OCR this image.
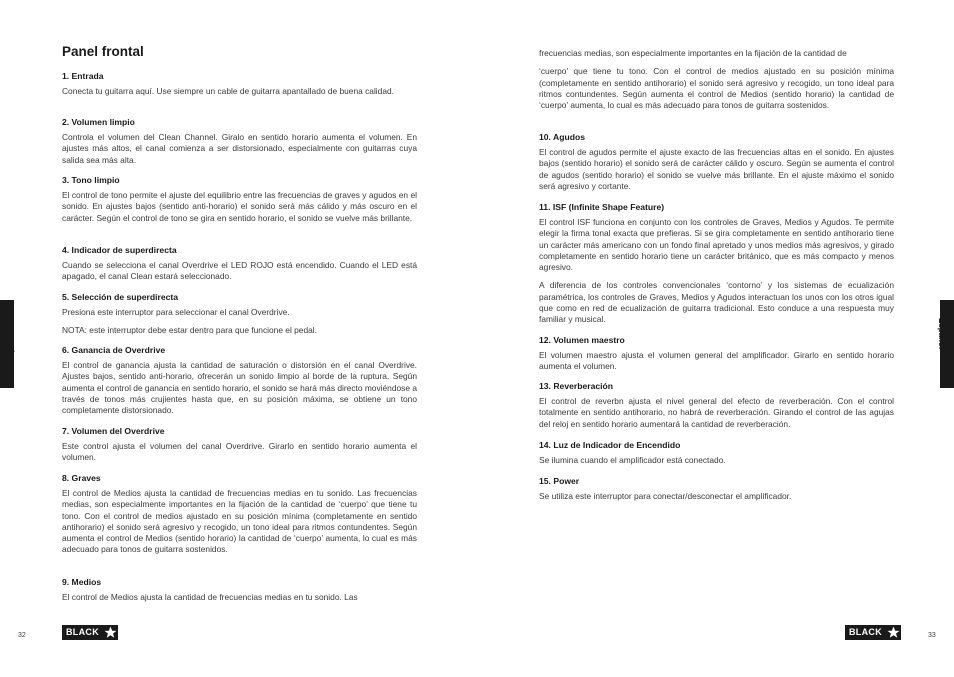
Panel frontal
1. Entrada

Conecta tu guitarra aquí. Use siempre un cable de guitarra apantallado de buena calidad.

2. Volumen limpio

Controla el volumen del Clean Channel. Giralo en sentido horario aumenta el volumen. En ajustes más altos, el canal comienza a ser distorsionado, especialmente con guitarras cuya salida sea más alta.

3. Tono limpio

El control de tono permite el ajuste del equilibrio entre las frecuencias de graves y agudos en el sonido. En ajustes bajos (sentido anti-horario) el sonido será más cálido y más oscuro en el carácter. Según el control de tono se gira en sentido horario, el sonido se vuelve más brillante.

4. Indicador de superdirecta

Cuando se selecciona el canal Overdrive el LED ROJO está encendido. Cuando el LED está apagado, el canal Clean estará seleccionado.

5. Selección de superdirecta

Presiona este interruptor para seleccionar el canal Overdrive.

NOTA: este interruptor debe estar dentro para que funcione el pedal.

6. Ganancia de Overdrive

El control de ganancia ajusta la cantidad de saturación o distorsión en el canal Overdrive. Ajustes bajos, sentido anti-horario, ofrecerán un sonido limpio al borde de la ruptura. Según aumenta el control de ganancia en sentido horario, el sonido se hará más directo moviéndose a través de tonos más crujientes hasta que, en su posición máxima, se obtiene un tono completamente distorsionado.

7. Volumen del Overdrive

Este control ajusta el volumen del canal Overdrive. Girarlo en sentido horario aumenta el volumen.

8. Graves

El control de Medios ajusta la cantidad de frecuencias medias en tu sonido. Las frecuencias medias, son especialmente importantes en la fijación de la cantidad de ‘cuerpo’ que tiene tu tono. Con el control de medios ajustado en su posición mínima (completamente en sentido antihorario) el sonido será agresivo y recogido, un tono ideal para ritmos contundentes. Según aumenta el control de Medios (sentido horario) la cantidad de ‘cuerpo’ aumenta, lo cual es más adecuado para tonos de guitarra sostenidos.

9. Medios

El control de Medios ajusta la cantidad de frecuencias medias en tu sonido. Las

frecuencias medias, son especialmente importantes en la fijación de la cantidad de

‘cuerpo’ que tiene tu tono. Con el control de medios ajustado en su posición mínima (completamente en sentido antihorario) el sonido será agresivo y recogido, un tono ideal para ritmos contundentes. Según aumenta el control de Medios (sentido horario) la cantidad de ‘cuerpo’ aumenta, lo cual es más adecuado para tonos de guitarra sostenidos.

10. Agudos

El control de agudos permite el ajuste exacto de las frecuencias altas en el sonido. En ajustes bajos (sentido horario) el sonido será de carácter cálido y oscuro. Según se aumenta el control de agudos (sentido horario) el sonido se vuelve más brillante. En el ajuste máximo el sonido será agresivo y cortante.

11. ISF (Infinite Shape Feature)

El control ISF funciona en conjunto con los controles de Graves, Medios y Agudos. Te permite elegir la firma tonal exacta que prefieras. Si se gira completamente en sentido antihorario tiene un carácter más americano con un fondo final apretado y unos medios más agresivos, y girado completamente en sentido horario tiene un carácter británico, que es más compacto y menos agresivo.

A diferencia de los controles convencionales ‘contorno’ y los sistemas de ecualización paramétrica, los controles de Graves, Medios y Agudos interactuan los unos con los otros igual que como en red de ecualización de guitarra tradicional. Esto conduce a una respuesta muy familiar y musical.

12. Volumen maestro

El volumen maestro ajusta el volumen general del amplificador. Girarlo en sentido horario aumenta el volumen.

13. Reverberación

El control de reverbn ajusta el nivel general del efecto de reverberación. Con el control totalmente en sentido antihorario, no habrá de reverberación. Girando el control de las agujas del reloj en sentido horario aumentará la cantidad de reverberación.

14. Luz de Indicador de Encendido

Se ilumina cuando el amplificador está conectado.

15. Power

Se utiliza este interruptor para conectar/desconectar el amplificador.

Español	Español
32	BLACK	33
BLACK
